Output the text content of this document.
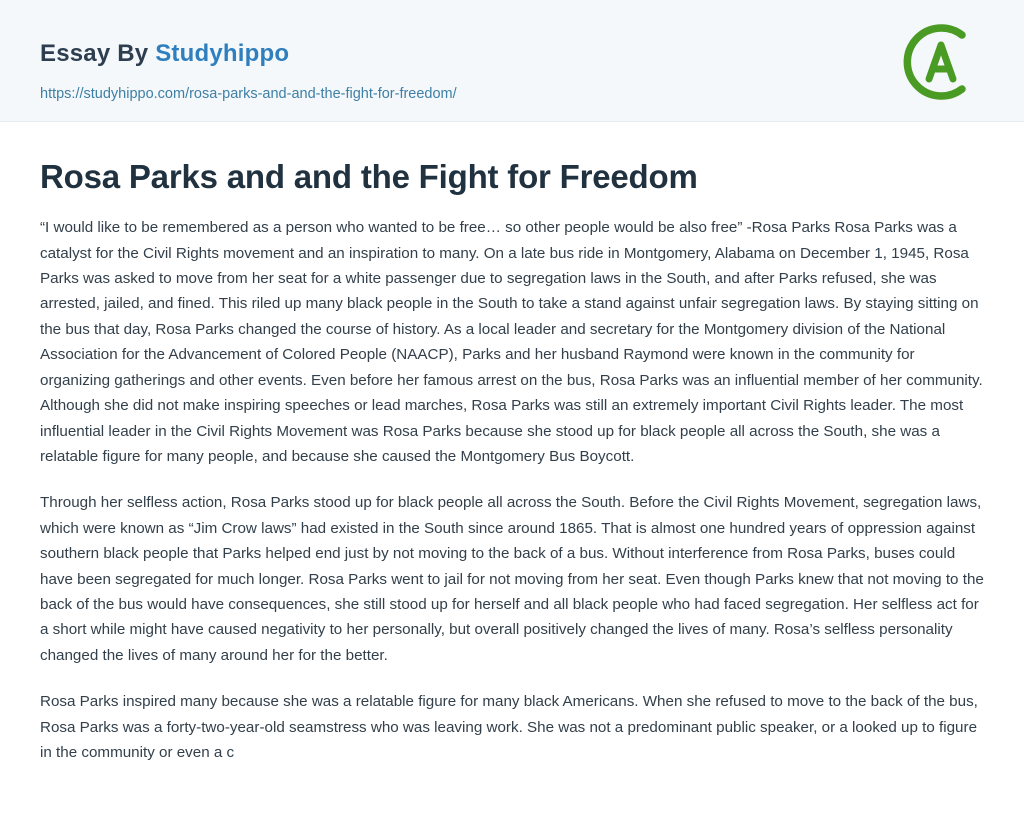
Essay By Studyhippo
https://studyhippo.com/rosa-parks-and-and-the-fight-for-freedom/
Rosa Parks and and the Fight for Freedom

“I would like to be remembered as a person who wanted to be free… so other people would be also free” -Rosa Parks Rosa Parks was a catalyst for the Civil Rights movement and an inspiration to many. On a late bus ride in Montgomery, Alabama on December 1, 1945, Rosa Parks was asked to move from her seat for a white passenger due to segregation laws in the South, and after Parks refused, she was arrested, jailed, and fined. This riled up many black people in the South to take a stand against unfair segregation laws. By staying sitting on the bus that day, Rosa Parks changed the course of history. As a local leader and secretary for the Montgomery division of the National Association for the Advancement of Colored People (NAACP), Parks and her husband Raymond were known in the community for organizing gatherings and other events. Even before her famous arrest on the bus, Rosa Parks was an influential member of her community. Although she did not make inspiring speeches or lead marches, Rosa Parks was still an extremely important Civil Rights leader. The most influential leader in the Civil Rights Movement was Rosa Parks because she stood up for black people all across the South, she was a relatable figure for many people, and because she caused the Montgomery Bus Boycott.

Through her selfless action, Rosa Parks stood up for black people all across the South. Before the Civil Rights Movement, segregation laws, which were known as “Jim Crow laws” had existed in the South since around 1865. That is almost one hundred years of oppression against southern black people that Parks helped end just by not moving to the back of a bus. Without interference from Rosa Parks, buses could have been segregated for much longer. Rosa Parks went to jail for not moving from her seat. Even though Parks knew that not moving to the back of the bus would have consequences, she still stood up for herself and all black people who had faced segregation. Her selfless act for a short while might have caused negativity to her personally, but overall positively changed the lives of many. Rosa’s selfless personality changed the lives of many around her for the better.

Rosa Parks inspired many because she was a relatable figure for many black Americans. When she refused to move to the back of the bus, Rosa Parks was a forty-two-year-old seamstress who was leaving work. She was not a predominant public speaker, or a looked up to figure in the community or even a c
